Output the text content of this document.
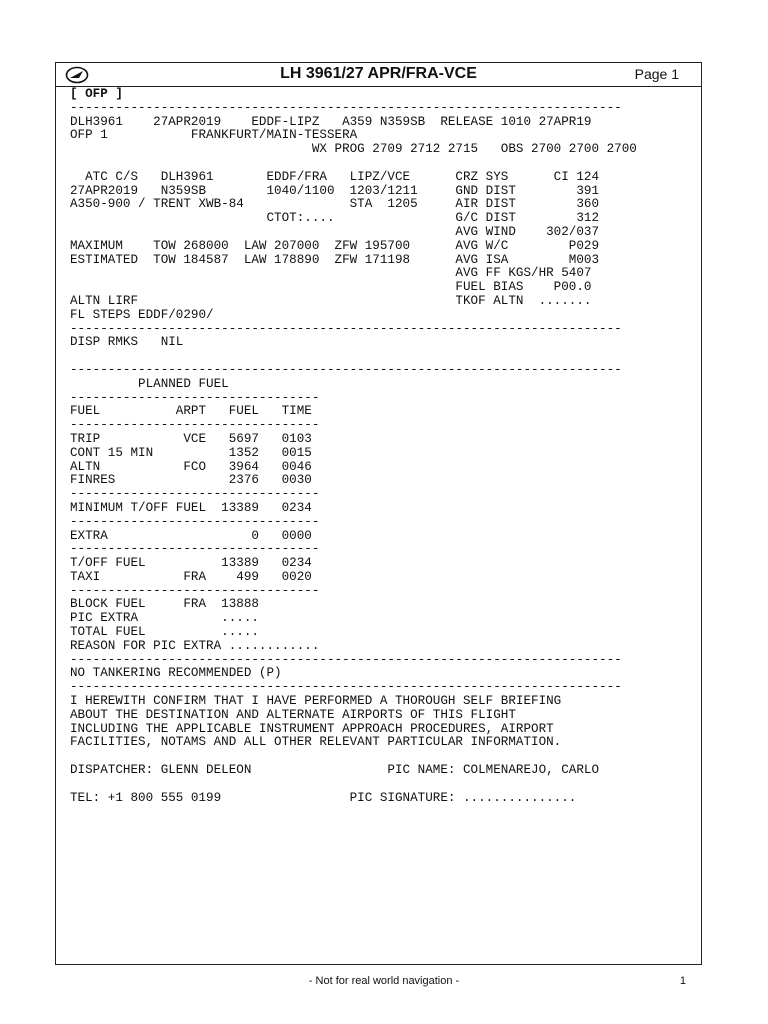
LH 3961/27 APR/FRA-VCE	Page 1
[ OFP ]
-------------------------------------------------------------------------
DLH3961    27APR2019    EDDF-LIPZ   A359 N359SB  RELEASE 1010 27APR19
OFP 1           FRANKFURT/MAIN-TESSERA
WX PROG 2709 2712 2715   OBS 2700 2700 2700

ATC C/S   DLH3961       EDDF/FRA   LIPZ/VCE      CRZ SYS      CI 124
27APR2019   N359SB        1040/1100  1203/1211     GND DIST        391
A350-900 / TRENT XWB-84              STA  1205     AIR DIST        360
CTOT:....                G/C DIST        312
AVG WIND    302/037
MAXIMUM    TOW 268000  LAW 207000  ZFW 195700      AVG W/C        P029
ESTIMATED  TOW 184587  LAW 178890  ZFW 171198      AVG ISA        M003
AVG FF KGS/HR 5407
FUEL BIAS    P00.0
ALTN LIRF                                          TKOF ALTN  .......
FL STEPS EDDF/0290/
-------------------------------------------------------------------------
DISP RMKS   NIL

-------------------------------------------------------------------------
PLANNED FUEL
---------------------------------
FUEL          ARPT   FUEL   TIME
---------------------------------
TRIP           VCE   5697   0103
CONT 15 MIN          1352   0015
ALTN           FCO   3964   0046
FINRES               2376   0030
---------------------------------
MINIMUM T/OFF FUEL  13389   0234
---------------------------------
EXTRA                   0   0000
---------------------------------
T/OFF FUEL          13389   0234
TAXI           FRA    499   0020
---------------------------------
BLOCK FUEL     FRA  13888
PIC EXTRA           .....
TOTAL FUEL          .....
REASON FOR PIC EXTRA ............
-------------------------------------------------------------------------
NO TANKERING RECOMMENDED (P)
-------------------------------------------------------------------------
I HEREWITH CONFIRM THAT I HAVE PERFORMED A THOROUGH SELF BRIEFING
ABOUT THE DESTINATION AND ALTERNATE AIRPORTS OF THIS FLIGHT
INCLUDING THE APPLICABLE INSTRUMENT APPROACH PROCEDURES, AIRPORT
FACILITIES, NOTAMS AND ALL OTHER RELEVANT PARTICULAR INFORMATION.

DISPATCHER: GLENN DELEON                  PIC NAME: COLMENAREJO, CARLO

TEL: +1 800 555 0199                 PIC SIGNATURE: ...............
- Not for real world navigation -	1
